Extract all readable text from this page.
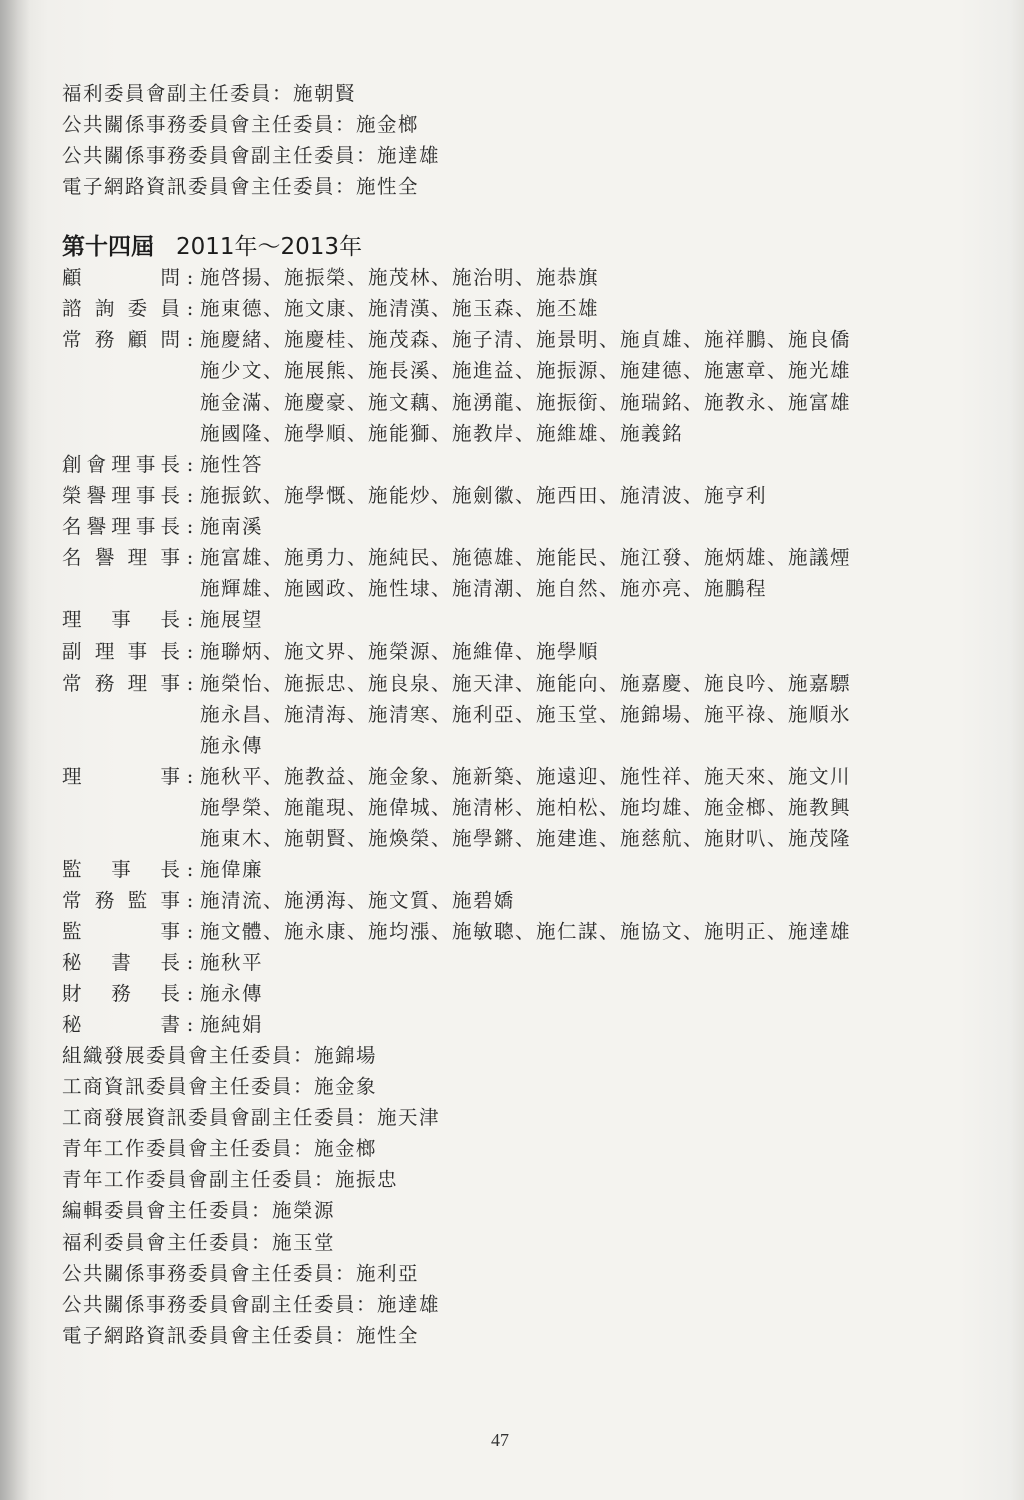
福利委員會副主任委員：施朝賢
公共關係事務委員會主任委員：施金榔
公共關係事務委員會副主任委員：施達雄
電子網路資訊委員會主任委員：施性全
第十四屆 2011年～2013年
顧問 : 施啓揚、施振榮、施茂林、施治明、施恭旗
諮詢委員 : 施東德、施文康、施清漢、施玉森、施丕雄
常務顧問 : 施慶緒、施慶桂、施茂森、施子清、施景明、施貞雄、施祥鵬、施良僑
施少文、施展熊、施長溪、施進益、施振源、施建德、施憲章、施光雄
施金滿、施慶豪、施文藕、施湧龍、施振銜、施瑞銘、施教永、施富雄
施國隆、施學順、施能獅、施教岸、施維雄、施義銘
創會理事長 : 施性答
榮譽理事長 : 施振欽、施學慨、施能炒、施劍徽、施西田、施清波、施亨利
名譽理事長 : 施南溪
名譽理事 : 施富雄、施勇力、施純民、施德雄、施能民、施江發、施炳雄、施議煙
施輝雄、施國政、施性埭、施清潮、施自然、施亦亮、施鵬程
理事長 : 施展望
副理事長 : 施聯炳、施文界、施榮源、施維偉、施學順
常務理事 : 施榮怡、施振忠、施良泉、施天津、施能向、施嘉慶、施良吟、施嘉驃
施永昌、施清海、施清寒、施利亞、施玉堂、施錦場、施平祿、施順氷
施永傳
理事 : 施秋平、施教益、施金象、施新築、施遠迎、施性祥、施天來、施文川
施學榮、施龍現、施偉城、施清彬、施柏松、施均雄、施金榔、施教興
施東木、施朝賢、施煥榮、施學鏘、施建進、施慈航、施財叭、施茂隆
監事長 : 施偉廉
常務監事 : 施清流、施湧海、施文質、施碧嬌
監事 : 施文體、施永康、施均漲、施敏聰、施仁謀、施協文、施明正、施達雄
秘書長 : 施秋平
財務長 : 施永傳
秘書 : 施純娟
組織發展委員會主任委員：施錦場
工商資訊委員會主任委員：施金象
工商發展資訊委員會副主任委員：施天津
青年工作委員會主任委員：施金榔
青年工作委員會副主任委員：施振忠
編輯委員會主任委員：施榮源
福利委員會主任委員：施玉堂
公共關係事務委員會主任委員：施利亞
公共關係事務委員會副主任委員：施達雄
電子網路資訊委員會主任委員：施性全
47
